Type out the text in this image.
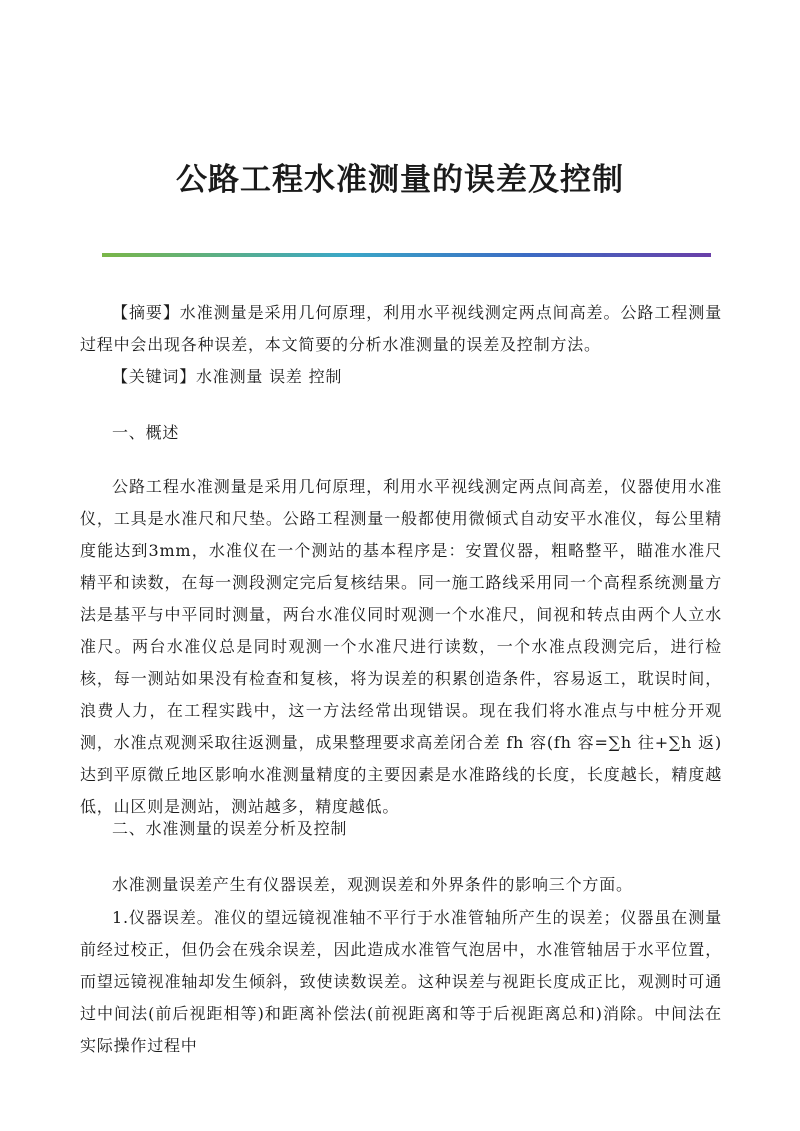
公路工程水准测量的误差及控制
【摘要】水准测量是采用几何原理，利用水平视线测定两点间高差。公路工程测量过程中会出现各种误差，本文简要的分析水准测量的误差及控制方法。
【关键词】水准测量 误差 控制
一、概述
公路工程水准测量是采用几何原理，利用水平视线测定两点间高差，仪器使用水准仪，工具是水准尺和尺垫。公路工程测量一般都使用微倾式自动安平水准仪，每公里精度能达到3mm，水准仪在一个测站的基本程序是：安置仪器，粗略整平，瞄准水准尺精平和读数，在每一测段测定完后复核结果。同一施工路线采用同一个高程系统测量方法是基平与中平同时测量，两台水准仪同时观测一个水准尺，间视和转点由两个人立水准尺。两台水准仪总是同时观测一个水准尺进行读数，一个水准点段测完后，进行检核，每一测站如果没有检查和复核，将为误差的积累创造条件，容易返工，耽误时间，浪费人力，在工程实践中，这一方法经常出现错误。现在我们将水准点与中桩分开观测，水准点观测采取往返测量，成果整理要求高差闭合差 fh 容(fh 容=∑h 往+∑h 返)达到平原微丘地区影响水准测量精度的主要因素是水准路线的长度，长度越长，精度越低，山区则是测站，测站越多，精度越低。
二、水准测量的误差分析及控制
水准测量误差产生有仪器误差，观测误差和外界条件的影响三个方面。
1.仪器误差。准仪的望远镜视准轴不平行于水准管轴所产生的误差；仪器虽在测量前经过校正，但仍会在残余误差，因此造成水准管气泡居中，水准管轴居于水平位置，而望远镜视准轴却发生倾斜，致使读数误差。这种误差与视距长度成正比，观测时可通过中间法(前后视距相等)和距离补偿法(前视距离和等于后视距离总和)消除。中间法在实际操作过程中
